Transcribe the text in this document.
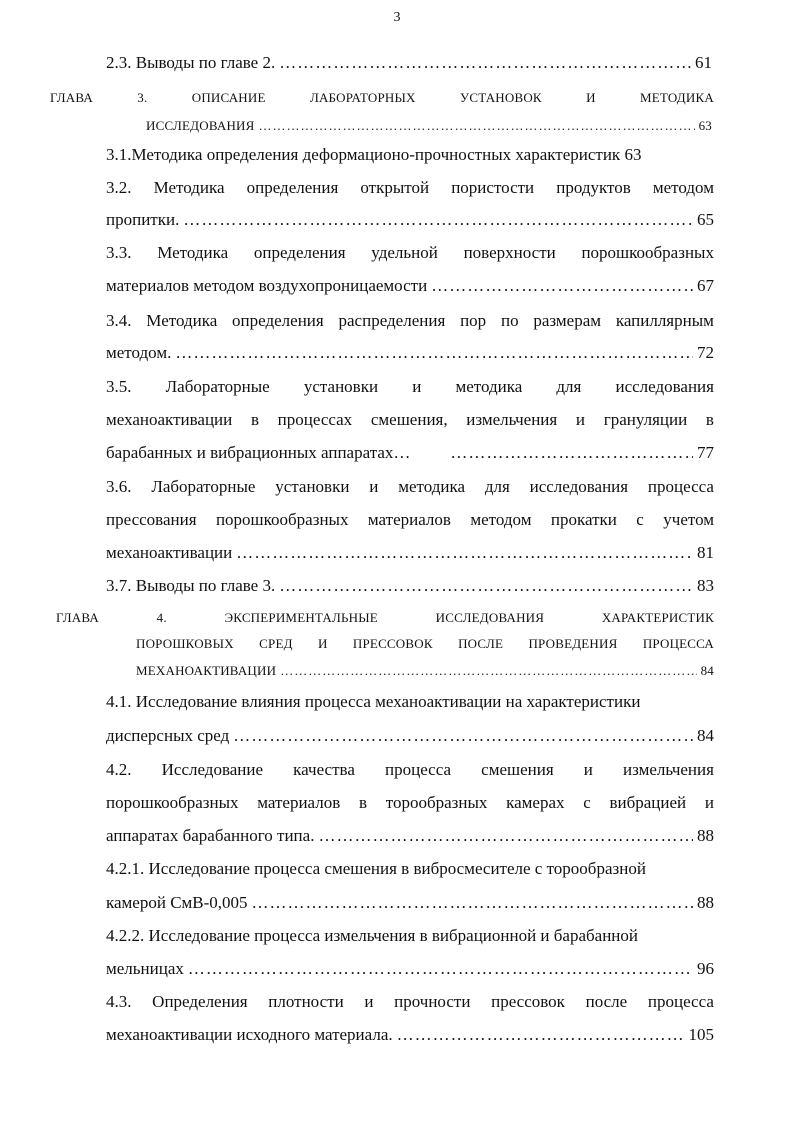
3
2.3. Выводы по главе 2. ……………………………………………………………………………………………………………………………………………………………………………………	61
ГЛАВА	3.	ОПИСАНИЕ	ЛАБОРАТОРНЫХ	УСТАНОВОК	И	МЕТОДИКА
ИССЛЕДОВАНИЯ ……………………………………………………………………………………………………………………………………………………………………………………	63
3.1.Методика определения деформационо-прочностных характеристик 63
3.2. Методика определения открытой пористости продуктов методом
пропитки. ……………………………………………………………………………………………………………………………………………………………………………………	65
3.3. Методика определения удельной поверхности порошкообразных
материалов методом воздухопроницаемости ……………………………………………………………………………………………………………………………………………………………………………………	67
3.4. Методика определения распределения пор по размерам капиллярным
методом. ……………………………………………………………………………………………………………………………………………………………………………………	72
3.5. Лабораторные установки и методика для исследования
механоактивации в процессах смешения, измельчения и грануляции в
барабанных и вибрационных аппаратах… ……………………………………………………………………………………………………………………………………………………………………………………	77
3.6. Лабораторные установки и методика для исследования процесса
прессования порошкообразных материалов методом прокатки с учетом
механоактивации ……………………………………………………………………………………………………………………………………………………………………………………	81
3.7. Выводы по главе 3. ……………………………………………………………………………………………………………………………………………………………………………………	83
ГЛАВА	4.	ЭКСПЕРИМЕНТАЛЬНЫЕ	ИССЛЕДОВАНИЯ	ХАРАКТЕРИСТИК
ПОРОШКОВЫХ СРЕД И ПРЕССОВОК ПОСЛЕ ПРОВЕДЕНИЯ ПРОЦЕССА
МЕХАНОАКТИВАЦИИ ……………………………………………………………………………………………………………………………………………………………………………………	84
4.1. Исследование влияния процесса механоактивации на характеристики
дисперсных сред ……………………………………………………………………………………………………………………………………………………………………………………	84
4.2. Исследование качества процесса смешения и измельчения
порошкообразных материалов в торообразных камерах с вибрацией и
аппаратах барабанного типа. ……………………………………………………………………………………………………………………………………………………………………………………	88
4.2.1. Исследование процесса смешения в вибросмесителе с торообразной
камерой СмВ-0,005 ……………………………………………………………………………………………………………………………………………………………………………………	88
4.2.2. Исследование процесса измельчения в вибрационной и барабанной
мельницах ……………………………………………………………………………………………………………………………………………………………………………………	96
4.3. Определения плотности и прочности прессовок после процесса
механоактивации исходного материала. ……………………………………………………………………………………………………………………………………………………………………………………	105
